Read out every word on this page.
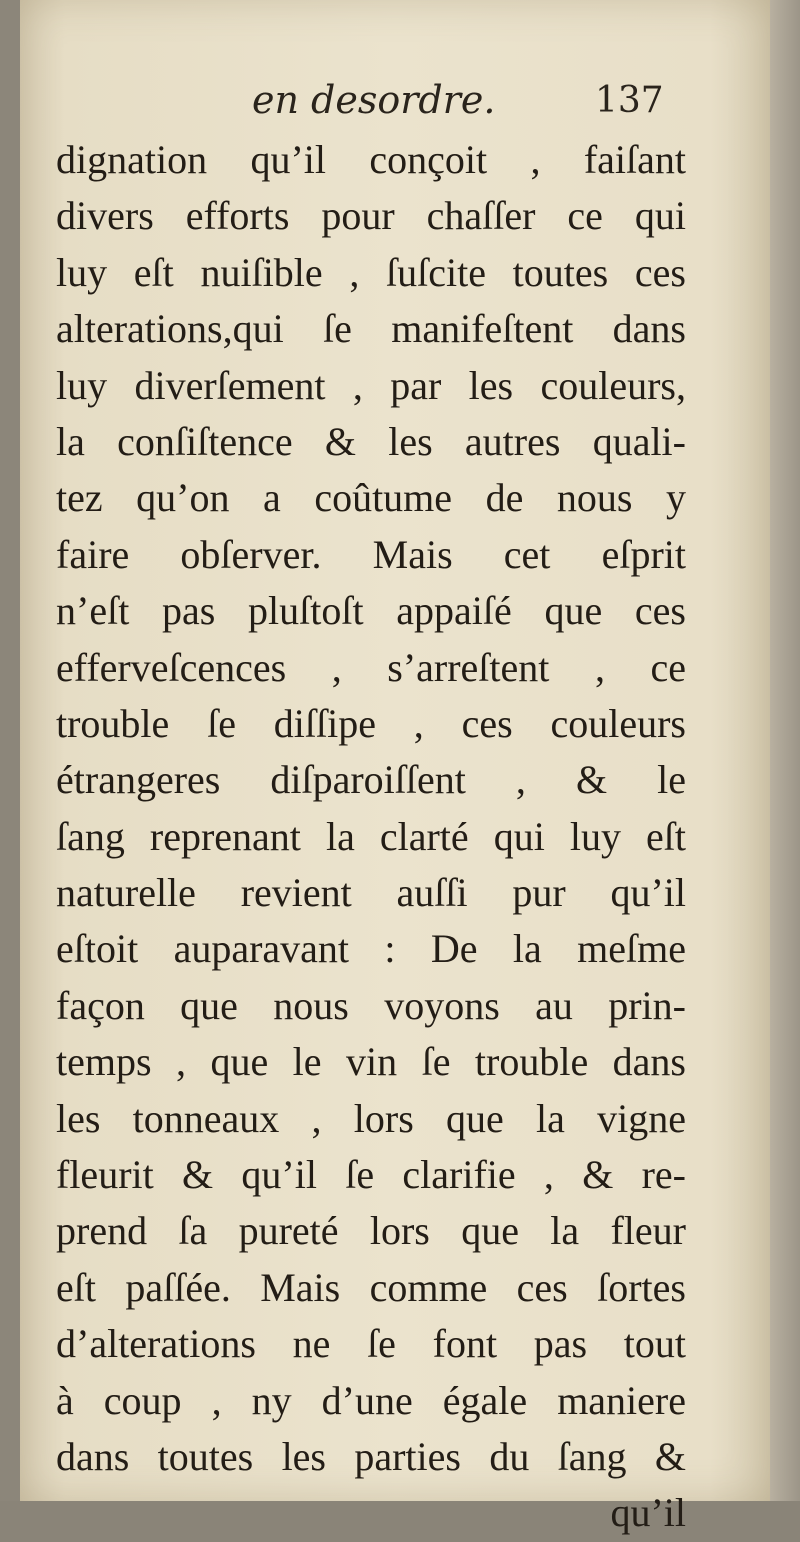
en desordre.	137
dignation qu’il conçoit , faiſant
divers efforts pour chaſſer ce qui
luy eſt nuiſible , ſuſcite toutes ces
alterations,qui ſe manifeſtent dans
luy diverſement , par les couleurs,
la conſiſtence & les autres quali-
tez qu’on a coûtume de nous y
faire obſerver. Mais cet eſprit
n’eſt pas pluſtoſt appaiſé que ces
efferveſcences , s’arreſtent , ce
trouble ſe diſſipe , ces couleurs
étrangeres diſparoiſſent , & le
ſang reprenant la clarté qui luy eſt
naturelle revient auſſi pur qu’il
eſtoit auparavant : De la meſme
façon que nous voyons au prin-
temps , que le vin ſe trouble dans
les tonneaux , lors que la vigne
fleurit & qu’il ſe clarifie , & re-
prend ſa pureté lors que la fleur
eſt paſſée. Mais comme ces ſortes
d’alterations ne ſe font pas tout
à coup , ny d’une égale maniere
dans toutes les parties du ſang &
qu’il
